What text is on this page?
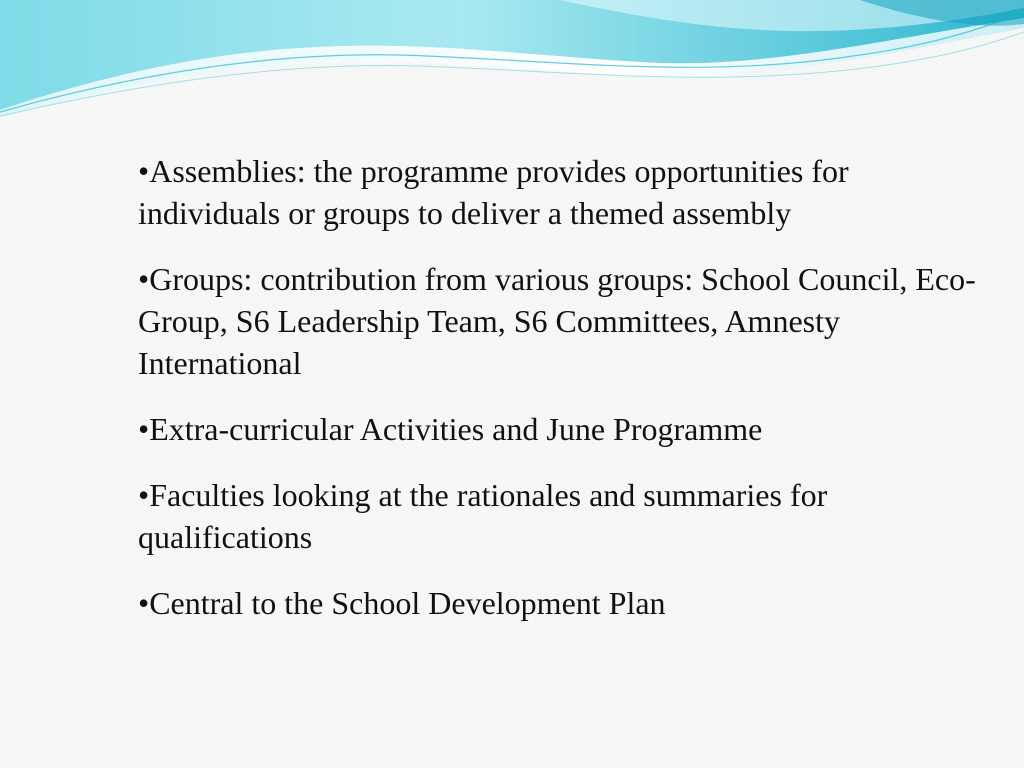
•Assemblies: the programme provides opportunities for individuals or groups to deliver a themed assembly

•Groups: contribution from various groups: School Council, Eco-Group, S6 Leadership Team, S6 Committees, Amnesty International

•Extra-curricular Activities and June Programme

•Faculties looking at the rationales and summaries for qualifications

•Central to the School Development Plan
